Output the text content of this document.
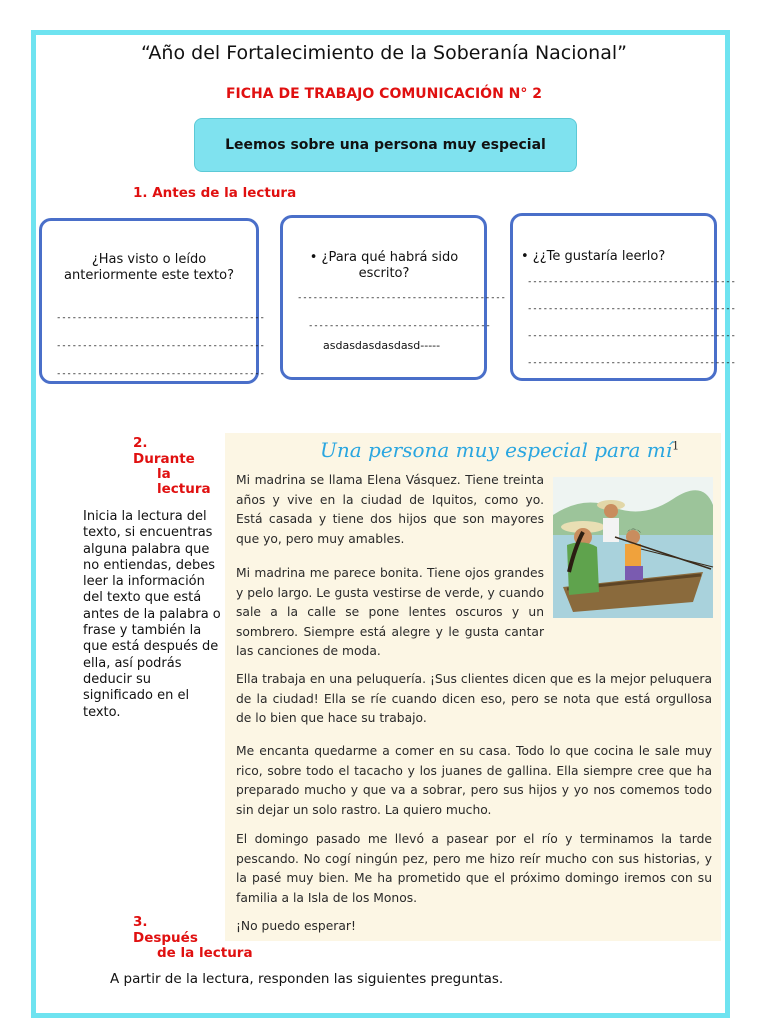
“Año del Fortalecimiento de la Soberanía Nacional”
FICHA DE TRABAJO COMUNICACIÓN N° 2
Leemos sobre una persona muy especial
1. Antes de la lectura
¿Has visto o leído anteriormente este texto?
----------------------------------------
----------------------------------------
----------------------------------------
• ¿Para qué habrá sido escrito?
----------------------------------------
-----------------------------------
asdasdasdasdasd-----
• ¿¿Te gustaría leerlo?
----------------------------------------
----------------------------------------
----------------------------------------
----------------------------------------
2.
Durante
la
lectura
Inicia la lectura del texto, si encuentras alguna palabra que no entiendas, debes leer la información del texto que está antes de la palabra o frase y también la que está después de ella, así podrás deducir su significado en el texto.
Una persona muy especial para $mí^1$
Mi madrina se llama Elena Vásquez. Tiene treinta años y vive en la ciudad de Iquitos, como yo. Está casada y tiene dos hijos que son mayores que yo, pero muy amables.
Mi madrina me parece bonita. Tiene ojos grandes y pelo largo. Le gusta vestirse de verde, y cuando sale a la calle se pone lentes oscuros y un sombrero. Siempre está alegre y le gusta cantar las canciones de moda.
Ella trabaja en una peluquería. ¡Sus clientes dicen que es la mejor peluquera de la ciudad! Ella se ríe cuando dicen eso, pero se nota que está orgullosa de lo bien que hace su trabajo.
Me encanta quedarme a comer en su casa. Todo lo que cocina le sale muy rico, sobre todo el tacacho y los juanes de gallina. Ella siempre cree que ha preparado mucho y que va a sobrar, pero sus hijos y yo nos comemos todo sin dejar un solo rastro. La quiero mucho.
El domingo pasado me llevó a pasear por el río y terminamos la tarde pescando. No cogí ningún pez, pero me hizo reír mucho con sus historias, y la pasé muy bien. Me ha prometido que el próximo domingo iremos con su familia a la Isla de los Monos.
¡No puedo esperar!
3.
Después
de la lectura
A partir de la lectura, responden las siguientes preguntas.
